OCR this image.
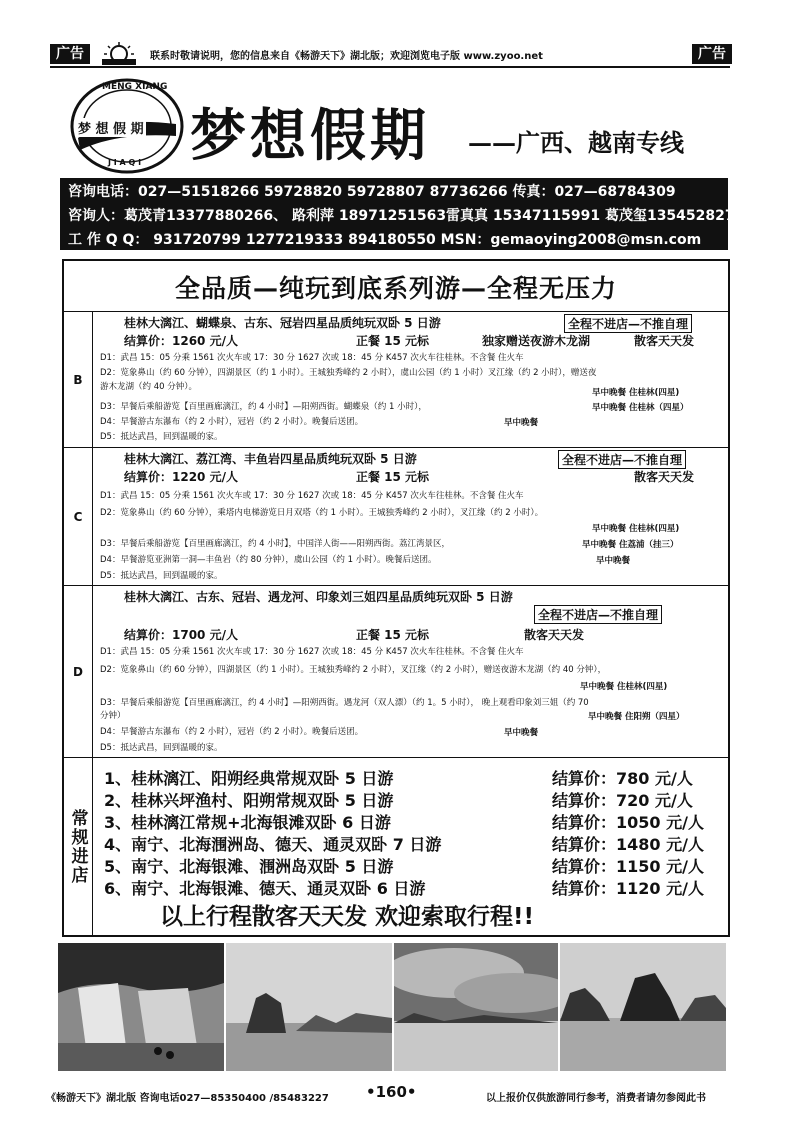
广告	联系时敬请说明，您的信息来自《畅游天下》湖北版；欢迎浏览电子版 www.zyoo.net	广告
MENG XIANG
梦 想 假 期
J I A Q I 梦想假期 ——广西、越南专线
咨询电话：027—51518266 59728820 59728807 87736266 传真：027—68784309
咨询人：葛茂青13377880266、 路利萍 18971251563雷真真 15347115991 葛茂玺13545282777
工 作 Q Q： 931720799 1277219333 894180550 MSN：gemaoying2008@msn.com
全品质—纯玩到底系列游—全程无压力
B
桂林大漓江、蝴蝶泉、古东、冠岩四星品质纯玩双卧 5 日游	全程不进店—不推自理
结算价：1260 元/人	正餐 15 元标	独家赠送夜游木龙湖	散客天天发
D1：武昌 15：05 分乘 1561 次火车或 17：30 分 1627 次或 18：45 分 K457 次火车往桂林。不含餐 住火车
D2：览象鼻山（约 60 分钟），四湖景区（约 1 小时）。王城独秀峰约 2 小时），虞山公园（约 1 小时）叉江缘（约 2 小时），赠送夜
游木龙湖（约 40 分钟）。
早中晚餐 住桂林(四星)
D3：早餐后乘船游览【百里画廊漓江，约 4 小时】—阳朔西街。蝴蝶泉（约 1 小时），	早中晚餐 住桂林（四星）
D4：早餐游古东瀑布（约 2 小时），冠岩（约 2 小时）。晚餐后送团。	早中晚餐
D5：抵达武昌，回到温暖的家。
C
桂林大漓江、荔江湾、丰鱼岩四星品质纯玩双卧 5 日游	全程不进店—不推自理
结算价：1220 元/人	正餐 15 元标	散客天天发
D1：武昌 15：05 分乘 1561 次火车或 17：30 分 1627 次或 18：45 分 K457 次火车往桂林。不含餐 住火车
D2：览象鼻山（约 60 分钟），乘塔内电梯游览日月双塔（约 1 小时）。王城独秀峰约 2 小时），叉江缘（约 2 小时）。
早中晚餐 住桂林(四星)
D3：早餐后乘船游览【百里画廊漓江，约 4 小时】，中国洋人街——阳朔西街。荔江湾景区，	早中晚餐 住荔浦（挂三）
D4：早餐游览亚洲第一洞—丰鱼岩（约 80 分钟），虞山公园（约 1 小时）。晚餐后送团。	早中晚餐
D5：抵达武昌，回到温暖的家。
D
桂林大漓江、古东、冠岩、遇龙河、印象刘三姐四星品质纯玩双卧 5 日游
全程不进店—不推自理
结算价：1700 元/人	正餐 15 元标	散客天天发
D1：武昌 15：05 分乘 1561 次火车或 17：30 分 1627 次或 18：45 分 K457 次火车往桂林。不含餐 住火车
D2：览象鼻山（约 60 分钟），四湖景区（约 1 小时）。王城独秀峰约 2 小时），叉江缘（约 2 小时），赠送夜游木龙湖（约 40 分钟），
早中晚餐 住桂林(四星)
D3：早餐后乘船游览【百里画廊漓江，约 4 小时】—阳朔西街。遇龙河（双人漂）（约 1。5 小时）， 晚上观看印象刘三姐（约 70
分钟）	早中晚餐 住阳朔（四星）
D4：早餐游古东瀑布（约 2 小时），冠岩（约 2 小时）。晚餐后送团。	早中晚餐
D5：抵达武昌，回到温暖的家。
常规进店
1、桂林漓江、阳朔经典常规双卧 5 日游	结算价：780 元/人
2、桂林兴坪渔村、阳朔常规双卧 5 日游	结算价：720 元/人
3、桂林漓江常规+北海银滩双卧 6 日游	结算价：1050 元/人
4、南宁、北海涠洲岛、德天、通灵双卧 7 日游	结算价：1480 元/人
5、南宁、北海银滩、涠洲岛双卧 5 日游	结算价：1150 元/人
6、南宁、北海银滩、德天、通灵双卧 6 日游	结算价：1120 元/人
以上行程散客天天发 欢迎索取行程!!
《畅游天下》湖北版 咨询电话027—85350400 /85483227 •160•	以上报价仅供旅游同行参考，消费者请勿参阅此书
